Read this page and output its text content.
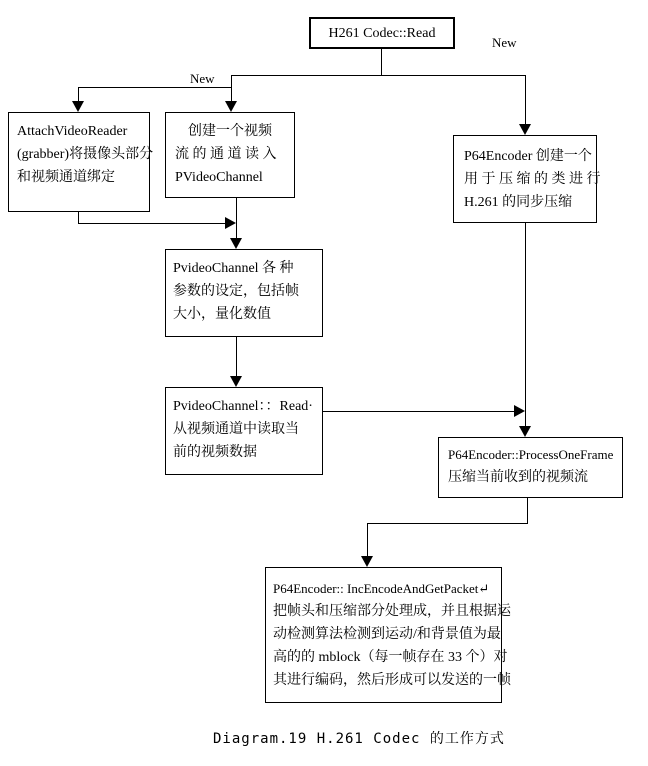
New
New
H261 Codec::Read
AttachVideoReader
(grabber)将摄像头部分
和视频通道绑定
创建一个视频
流 的 通 道 读 入
PVideoChannel
P64Encoder 创建一个
用 于 压 缩 的 类 进 行
H.261 的同步压缩
PvideoChannel 各 种
参数的设定，包括帧
大小，量化数值
PvideoChannel：：Read·
从视频通道中读取当
前的视频数据	P64Encoder::ProcessOneFrame
压缩当前收到的视频流
P64Encoder:: IncEncodeAndGetPacket↵
把帧头和压缩部分处理成，并且根据运
动检测算法检测到运动/和背景值为最
高的的 mblock（每一帧存在 33 个）对
其进行编码，然后形成可以发送的一帧
Diagram.19 H.261 Codec 的工作方式
